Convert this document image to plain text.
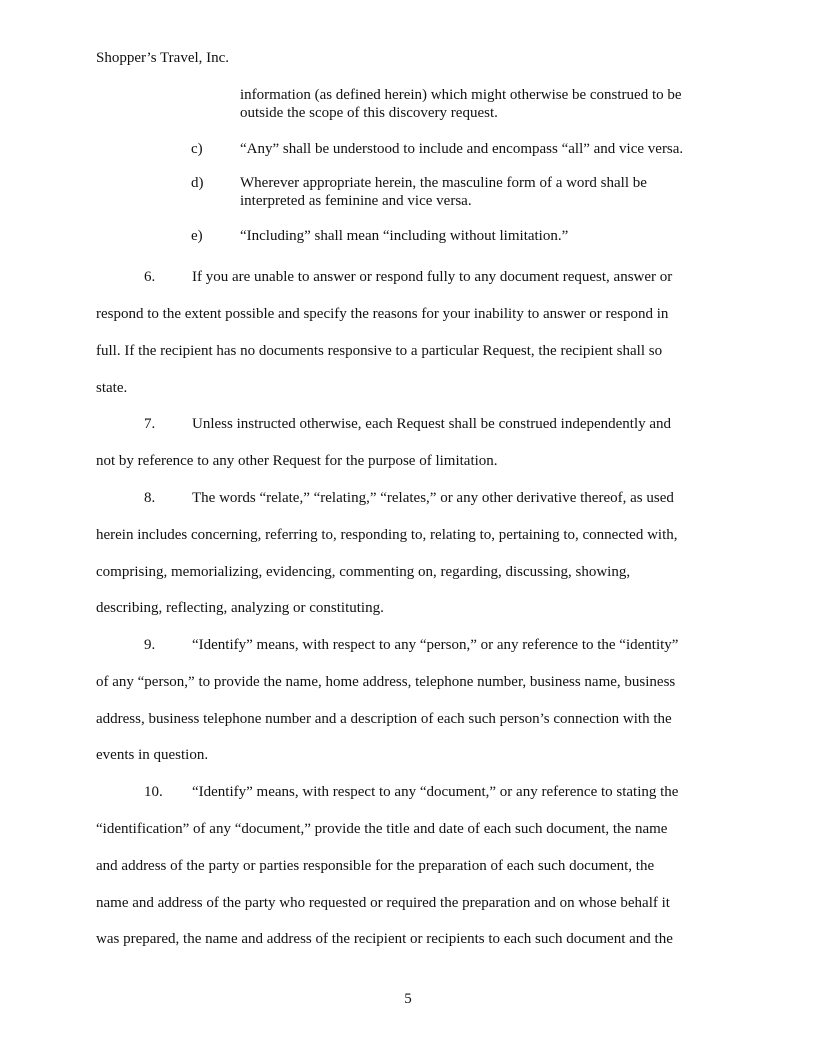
Shopper’s Travel, Inc.
information (as defined herein) which might otherwise be construed to be
outside the scope of this discovery request.
c) “Any” shall be understood to include and encompass “all” and vice versa.
d) Wherever appropriate herein, the masculine form of a word shall be
interpreted as feminine and vice versa.
e) “Including” shall mean “including without limitation.”
6. If you are unable to answer or respond fully to any document request, answer or
respond to the extent possible and specify the reasons for your inability to answer or respond in
full. If the recipient has no documents responsive to a particular Request, the recipient shall so
state.
7. Unless instructed otherwise, each Request shall be construed independently and
not by reference to any other Request for the purpose of limitation.
8. The words “relate,” “relating,” “relates,” or any other derivative thereof, as used
herein includes concerning, referring to, responding to, relating to, pertaining to, connected with,
comprising, memorializing, evidencing, commenting on, regarding, discussing, showing,
describing, reflecting, analyzing or constituting.
9. “Identify” means, with respect to any “person,” or any reference to the “identity”
of any “person,” to provide the name, home address, telephone number, business name, business
address, business telephone number and a description of each such person’s connection with the
events in question.
10. “Identify” means, with respect to any “document,” or any reference to stating the
“identification” of any “document,” provide the title and date of each such document, the name
and address of the party or parties responsible for the preparation of each such document, the
name and address of the party who requested or required the preparation and on whose behalf it
was prepared, the name and address of the recipient or recipients to each such document and the
5
